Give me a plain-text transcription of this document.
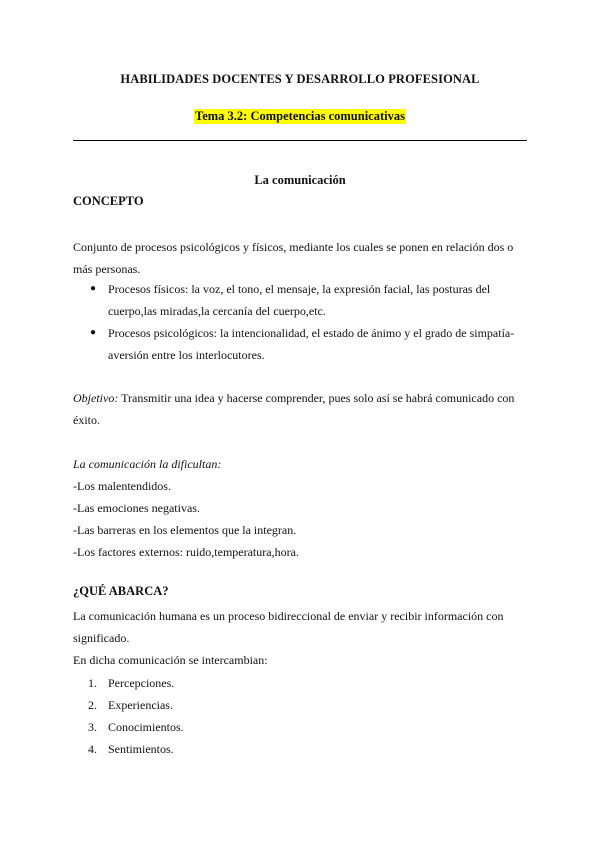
HABILIDADES DOCENTES Y DESARROLLO PROFESIONAL
Tema 3.2: Competencias comunicativas
La comunicación
CONCEPTO
Conjunto de procesos psicológicos y físicos, mediante los cuales se ponen en relación dos o más personas.
● Procesos físicos: la voz, el tono, el mensaje, la expresión facial, las posturas del cuerpo,las miradas,la cercanía del cuerpo,etc.
● Procesos psicológicos: la intencionalidad, el estado de ánimo y el grado de simpatía-aversión entre los interlocutores.
Objetivo: Transmitir una idea y hacerse comprender, pues solo así se habrá comunicado con éxito.
La comunicación la dificultan:
-Los malentendidos.
-Las emociones negativas.
-Las barreras en los elementos que la integran.
-Los factores externos: ruido,temperatura,hora.
¿QUÉ ABARCA?
La comunicación humana es un proceso bidireccional de enviar y recibir información con significado.
En dicha comunicación se intercambian:
1. Percepciones.
2. Experiencias.
3. Conocimientos.
4. Sentimientos.
